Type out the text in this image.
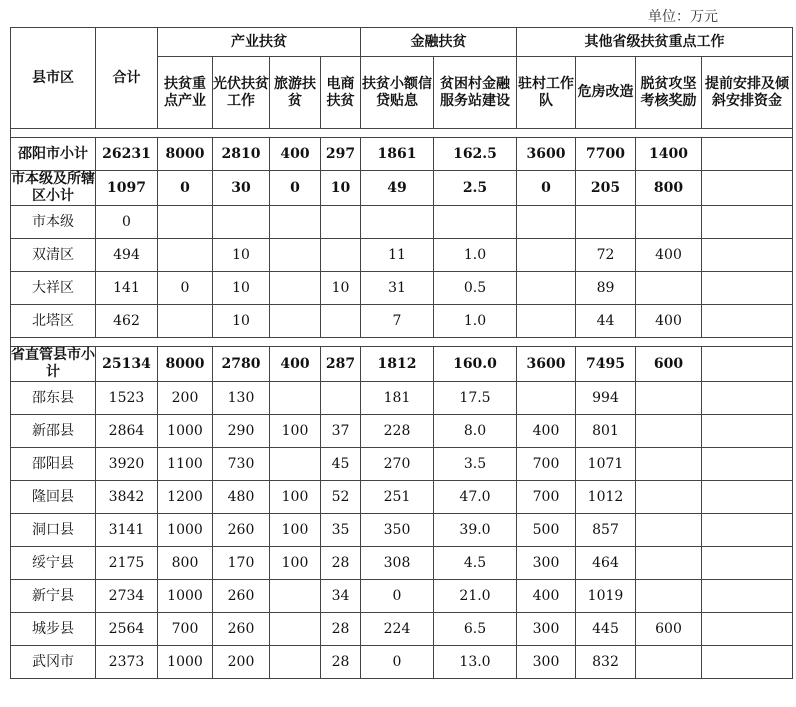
单位：万元
县市区	合计	产业扶贫				金融扶贫		其他省级扶贫重点工作			
		扶贫重点产业	光伏扶贫工作	旅游扶贫	电商扶贫	扶贫小额信贷贴息	贫困村金融服务站建设	驻村工作队	危房改造	脱贫攻坚考核奖励	提前安排及倾斜安排资金

邵阳市小计	26231	8000	2810	400	297	1861	162.5	3600	7700	1400	
市本级及所辖区小计	1097	0	30	0	10	49	2.5	0	205	800	
市本级	0										
双清区	494		10			11	1.0		72	400	
大祥区	141	0	10		10	31	0.5		89		
北塔区	462		10			7	1.0		44	400	

省直管县市小计	25134	8000	2780	400	287	1812	160.0	3600	7495	600	
邵东县	1523	200	130			181	17.5		994		
新邵县	2864	1000	290	100	37	228	8.0	400	801		
邵阳县	3920	1100	730		45	270	3.5	700	1071		
隆回县	3842	1200	480	100	52	251	47.0	700	1012		
洞口县	3141	1000	260	100	35	350	39.0	500	857		
绥宁县	2175	800	170	100	28	308	4.5	300	464		
新宁县	2734	1000	260		34	0	21.0	400	1019		
城步县	2564	700	260		28	224	6.5	300	445	600	
武冈市	2373	1000	200		28	0	13.0	300	832		
